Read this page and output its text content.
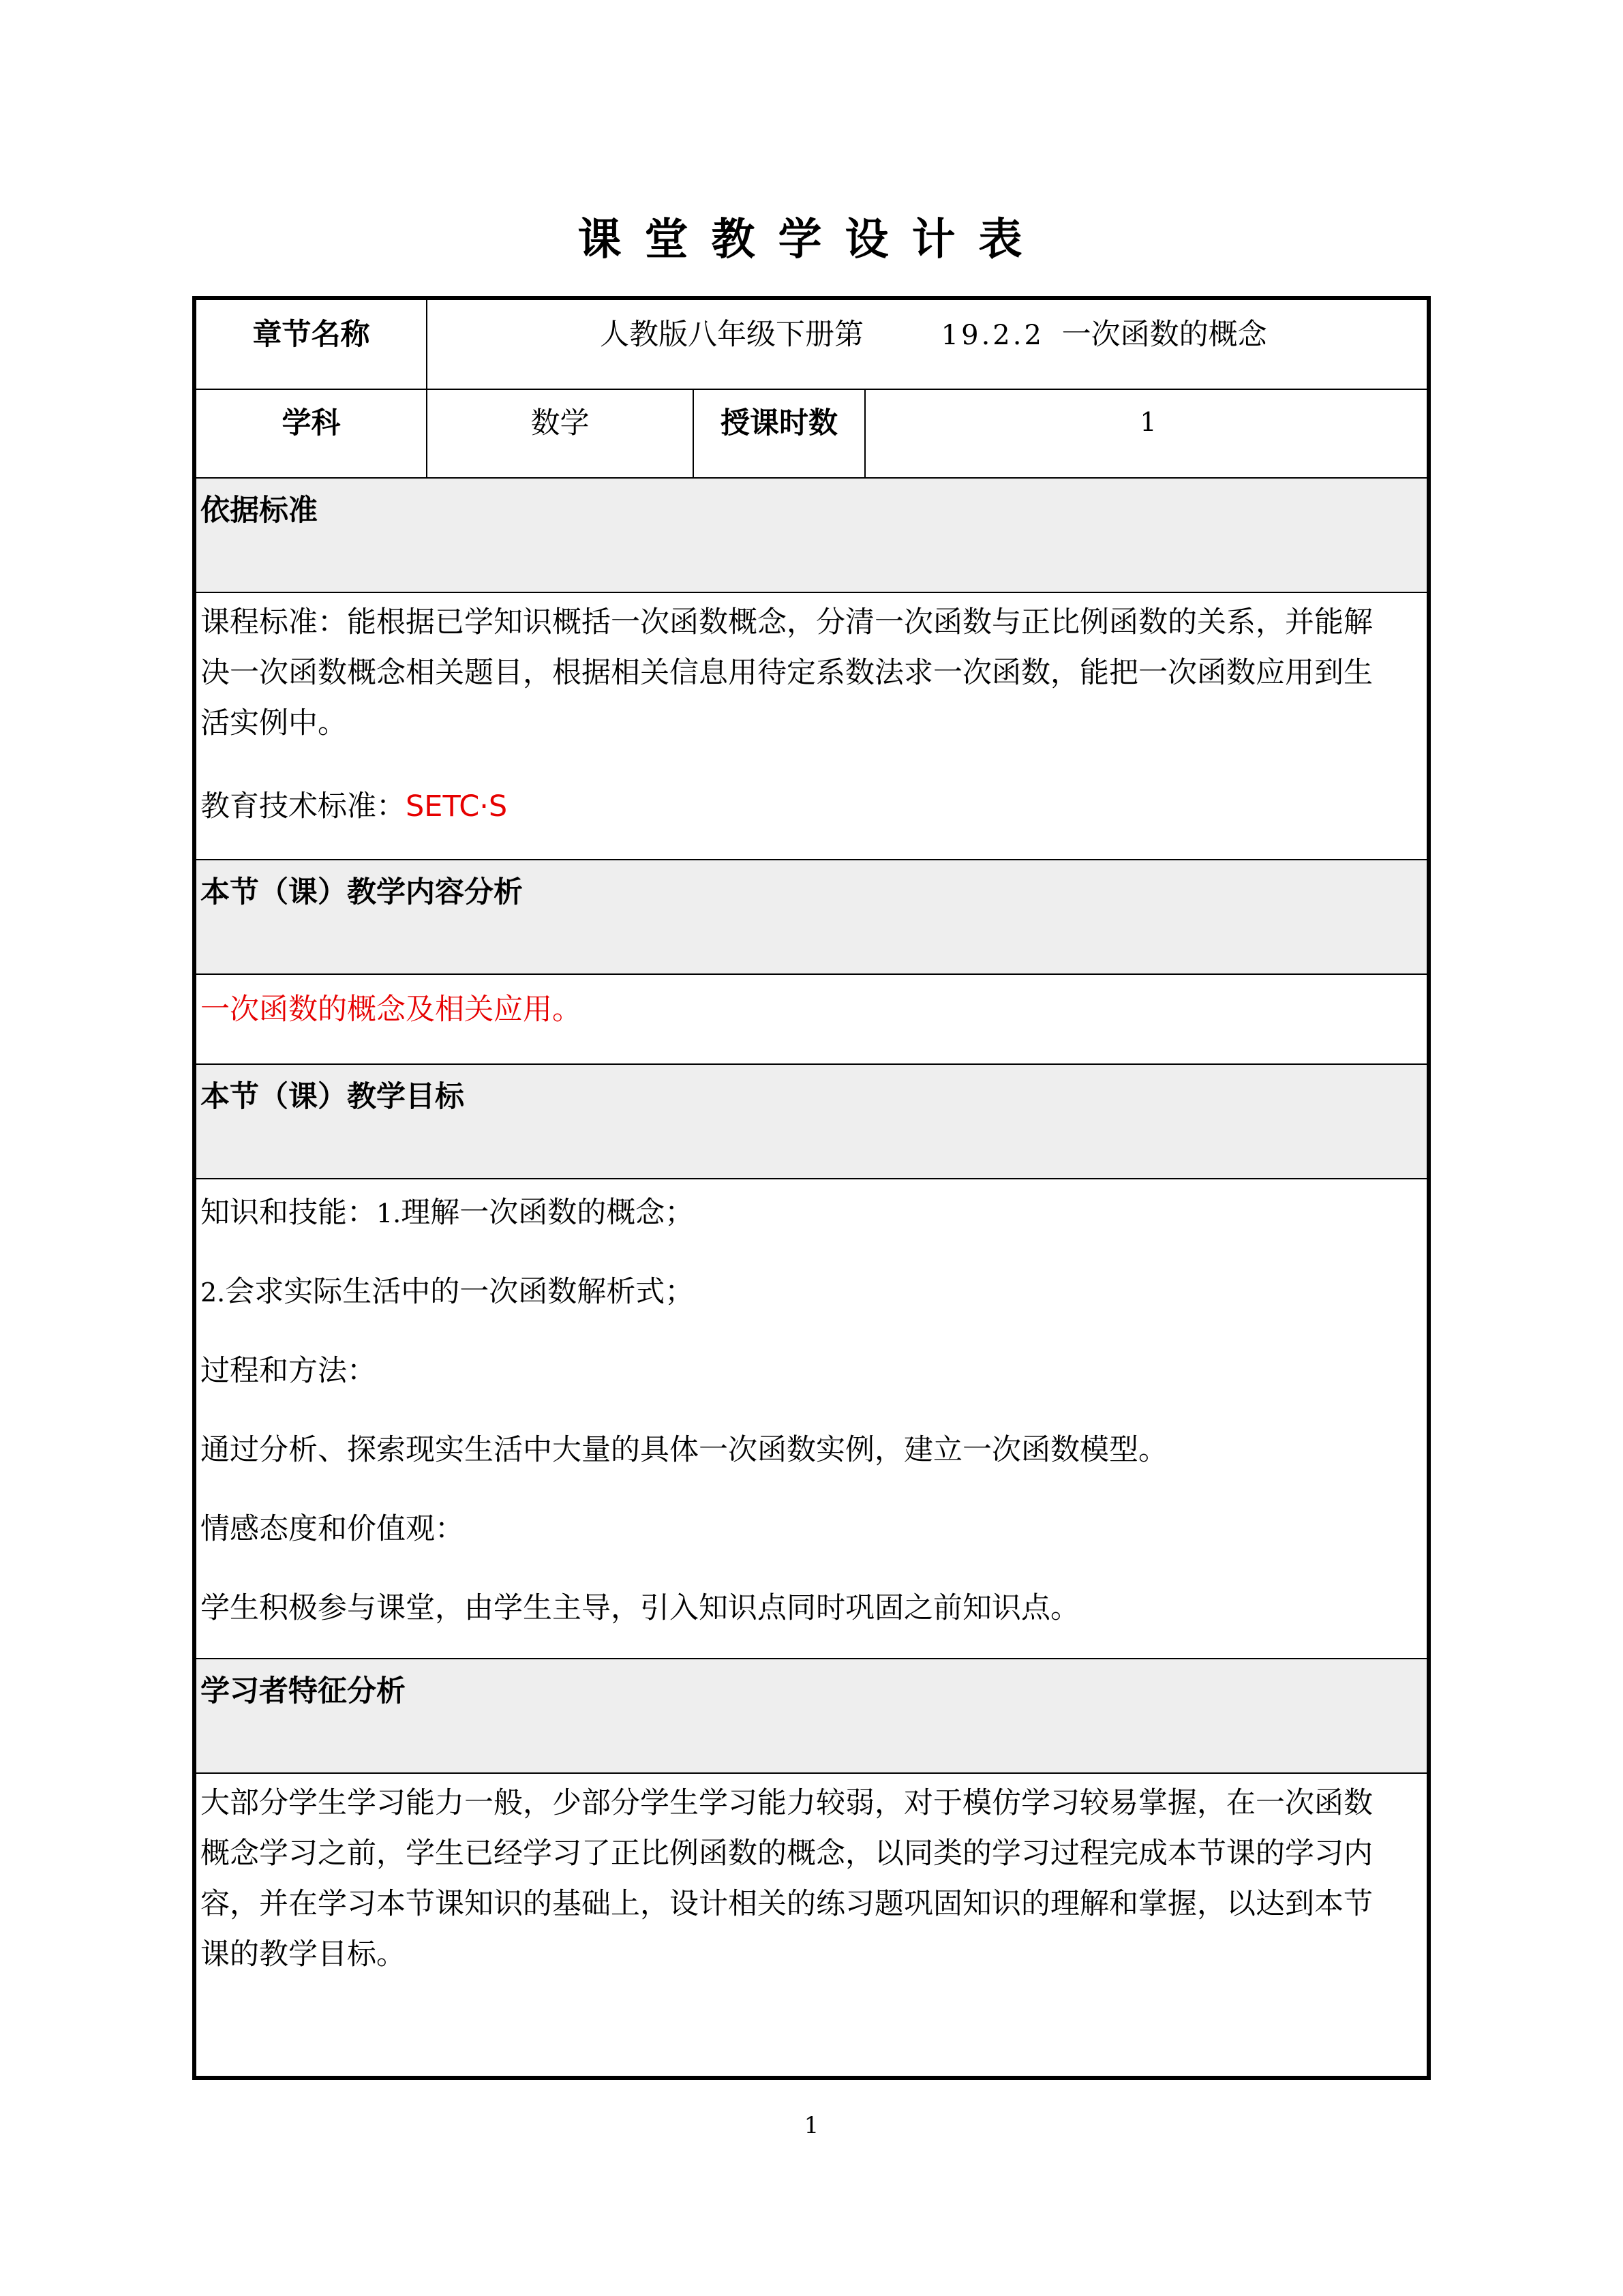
课堂教学设计表
章节名称	人教版八年级下册第	19.2.2 一次函数的概念
学科	数学	授课时数	1
依据标准
课程标准：能根据已学知识概括一次函数概念，分清一次函数与正比例函数的关系，并能解决一次函数概念相关题目，根据相关信息用待定系数法求一次函数，能把一次函数应用到生活实例中。
教育技术标准：SETC·S
本节（课）教学内容分析
一次函数的概念及相关应用。
本节（课）教学目标
知识和技能：1.理解一次函数的概念；
2.会求实际生活中的一次函数解析式；
过程和方法：
通过分析、探索现实生活中大量的具体一次函数实例，建立一次函数模型。
情感态度和价值观：
学生积极参与课堂，由学生主导，引入知识点同时巩固之前知识点。
学习者特征分析
大部分学生学习能力一般，少部分学生学习能力较弱，对于模仿学习较易掌握，在一次函数概念学习之前，学生已经学习了正比例函数的概念，以同类的学习过程完成本节课的学习内容，并在学习本节课知识的基础上，设计相关的练习题巩固知识的理解和掌握，以达到本节课的教学目标。
1
